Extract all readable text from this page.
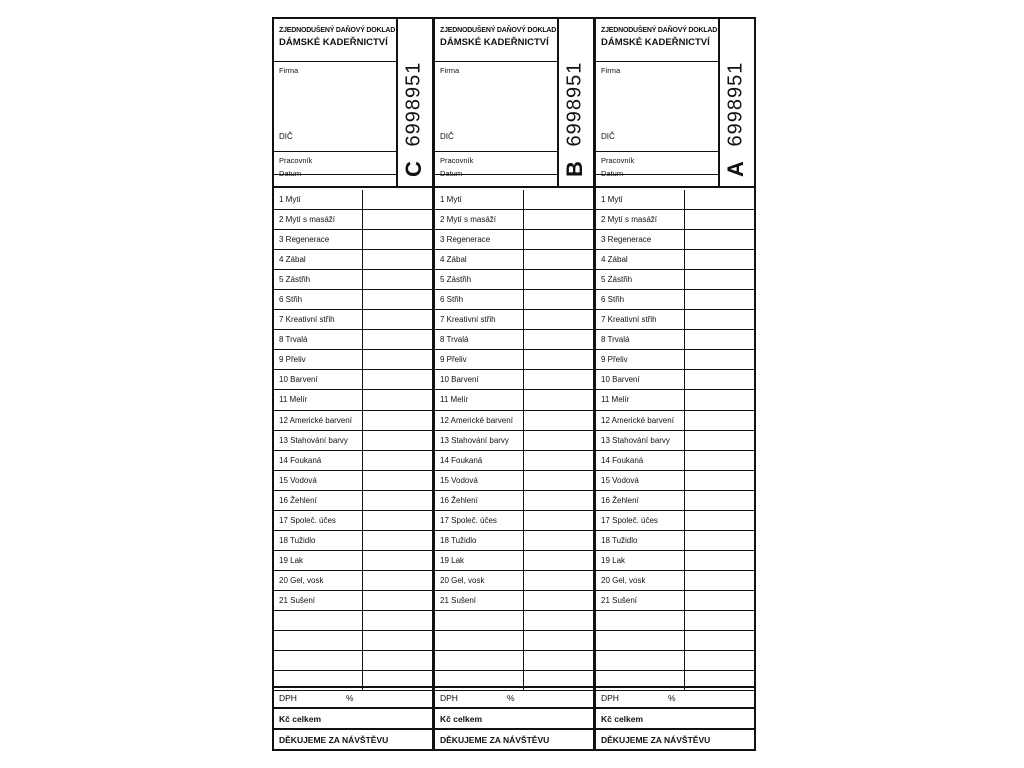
ZJEDNODUŠENÝ DAŇOVÝ DOKLAD
DÁMSKÉ KADEŘNICTVÍ
Firma
DIČ
Pracovník
Datum
6998951
C
1 Mytí
2 Mytí s masáží
3 Regenerace
4 Zábal
5 Zástřih
6 Střih
7 Kreativní střih
8 Trvalá
9 Přeliv
10 Barvení
11 Melír
12 Americké barvení
13 Stahování barvy
14 Foukaná
15 Vodová
16 Žehlení
17 Společ. účes
18 Tužidlo
19 Lak
20 Gel, vosk
21 Sušení
DPH	%
Kč celkem
DĚKUJEME ZA NÁVŠTĚVU
ZJEDNODUŠENÝ DAŇOVÝ DOKLAD
DÁMSKÉ KADEŘNICTVÍ
Firma
DIČ
Pracovník
Datum
6998951
B
1 Mytí
2 Mytí s masáží
3 Regenerace
4 Zábal
5 Zástřih
6 Střih
7 Kreativní střih
8 Trvalá
9 Přeliv
10 Barvení
11 Melír
12 Americké barvení
13 Stahování barvy
14 Foukaná
15 Vodová
16 Žehlení
17 Společ. účes
18 Tužidlo
19 Lak
20 Gel, vosk
21 Sušení
DPH	%
Kč celkem
DĚKUJEME ZA NÁVŠTĚVU
ZJEDNODUŠENÝ DAŇOVÝ DOKLAD
DÁMSKÉ KADEŘNICTVÍ
Firma
DIČ
Pracovník
Datum
6998951
A
1 Mytí
2 Mytí s masáží
3 Regenerace
4 Zábal
5 Zástřih
6 Střih
7 Kreativní střih
8 Trvalá
9 Přeliv
10 Barvení
11 Melír
12 Americké barvení
13 Stahování barvy
14 Foukaná
15 Vodová
16 Žehlení
17 Společ. účes
18 Tužidlo
19 Lak
20 Gel, vosk
21 Sušení
DPH	%
Kč celkem
DĚKUJEME ZA NÁVŠTĚVU
